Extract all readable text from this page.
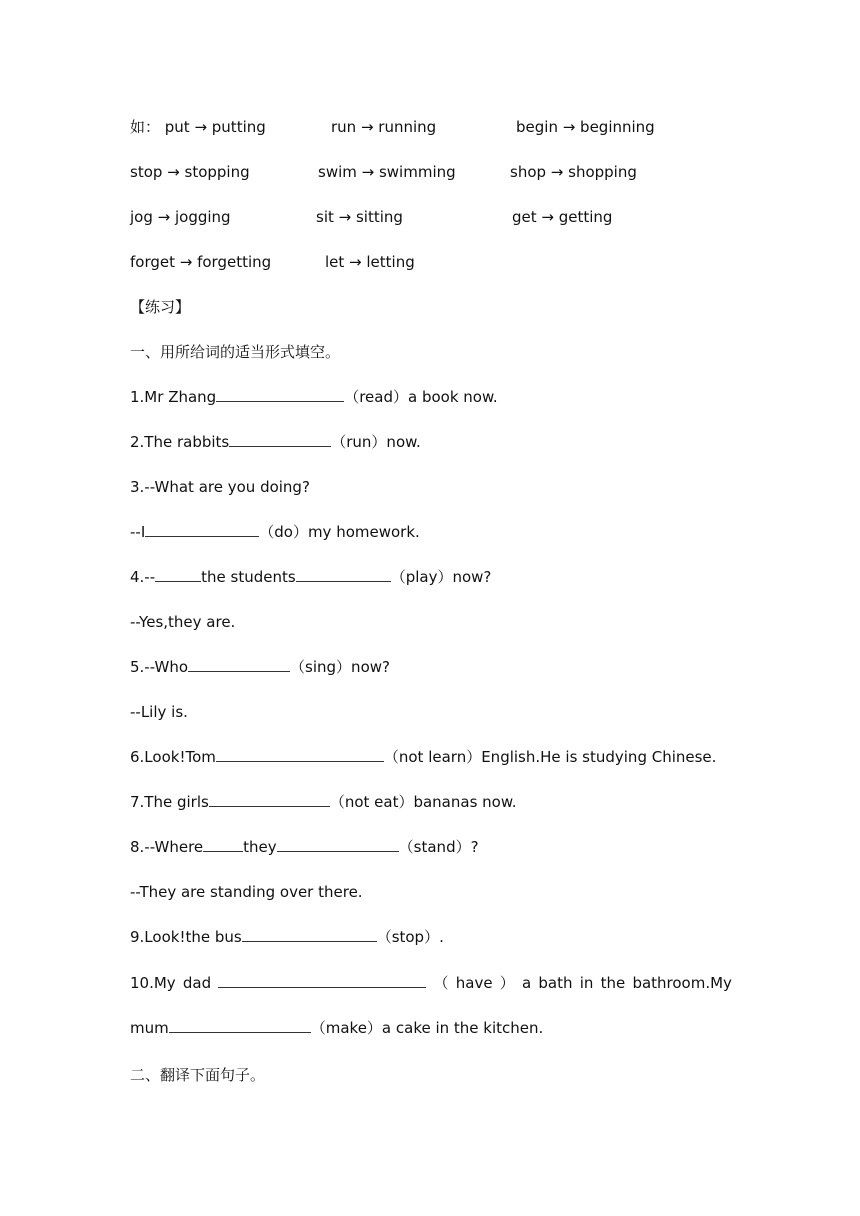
如： put → putting	run → running	begin → beginning
stop → stopping	swim → swimming	shop → shopping
jog → jogging	sit → sitting	get → getting
forget → forgetting	let → letting
【练习】
一、用所给词的适当形式填空。
1.Mr Zhang	（read）a book now.
2.The rabbits	（run）now.
3.--What are you doing?
--I	（do）my homework.
4.--	the students	（play）now?
--Yes,they are.
5.--Who	（sing）now?
--Lily is.
6.Look!Tom	（not learn）English.He is studying Chinese.
7.The girls	（not eat）bananas now.
8.--Where	they	（stand）?
--They are standing over there.
9.Look!the bus	（stop）.
10.My dad	（ have ） a bath in the bathroom.My
mum	（make）a cake in the kitchen.
二、翻译下面句子。
